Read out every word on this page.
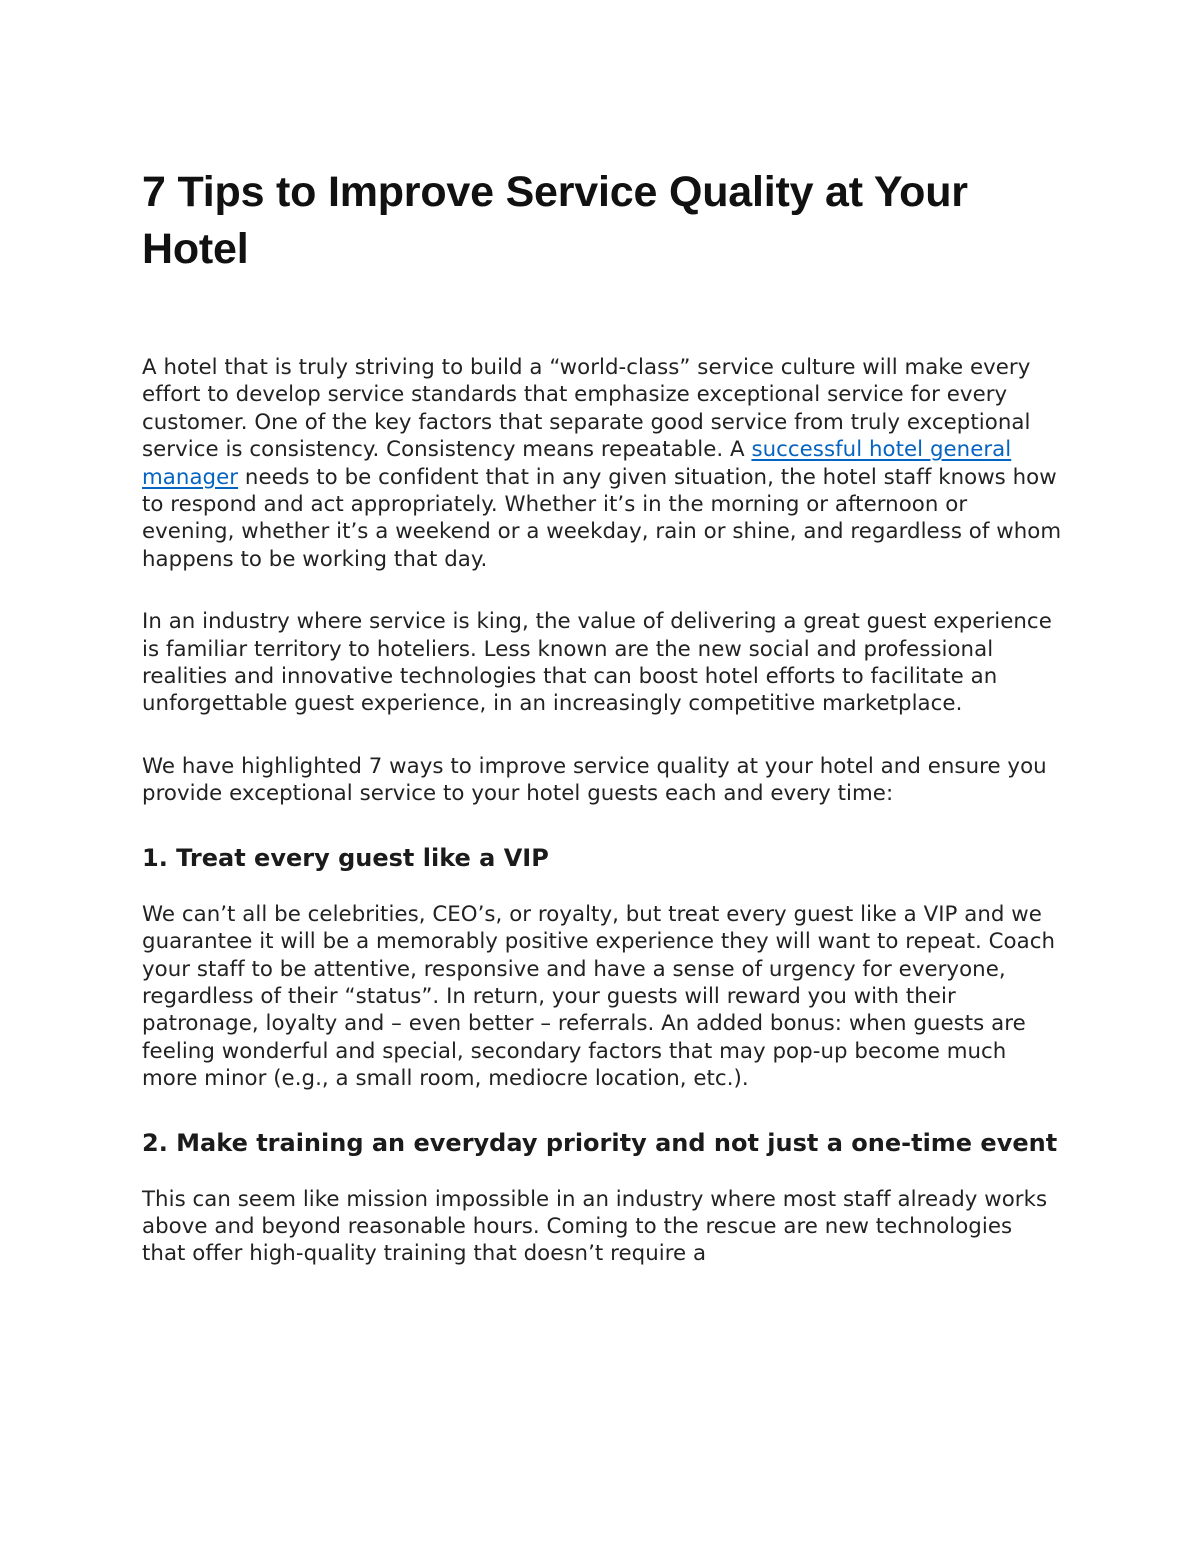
7 Tips to Improve Service Quality at Your Hotel

A hotel that is truly striving to build a “world-class” service culture will make every effort to develop service standards that emphasize exceptional service for every customer. One of the key factors that separate good service from truly exceptional service is consistency. Consistency means repeatable. A successful hotel general manager needs to be confident that in any given situation, the hotel staff knows how to respond and act appropriately. Whether it’s in the morning or afternoon or evening, whether it’s a weekend or a weekday, rain or shine, and regardless of whom happens to be working that day.

In an industry where service is king, the value of delivering a great guest experience is familiar territory to hoteliers. Less known are the new social and professional realities and innovative technologies that can boost hotel efforts to facilitate an unforgettable guest experience, in an increasingly competitive marketplace.

We have highlighted 7 ways to improve service quality at your hotel and ensure you provide exceptional service to your hotel guests each and every time:

1. Treat every guest like a VIP

We can’t all be celebrities, CEO’s, or royalty, but treat every guest like a VIP and we guarantee it will be a memorably positive experience they will want to repeat. Coach your staff to be attentive, responsive and have a sense of urgency for everyone, regardless of their “status”. In return, your guests will reward you with their patronage, loyalty and – even better – referrals. An added bonus: when guests are feeling wonderful and special, secondary factors that may pop-up become much more minor (e.g., a small room, mediocre location, etc.).

2. Make training an everyday priority and not just a one-time event

This can seem like mission impossible in an industry where most staff already works above and beyond reasonable hours. Coming to the rescue are new technologies that offer high-quality training that doesn’t require a
